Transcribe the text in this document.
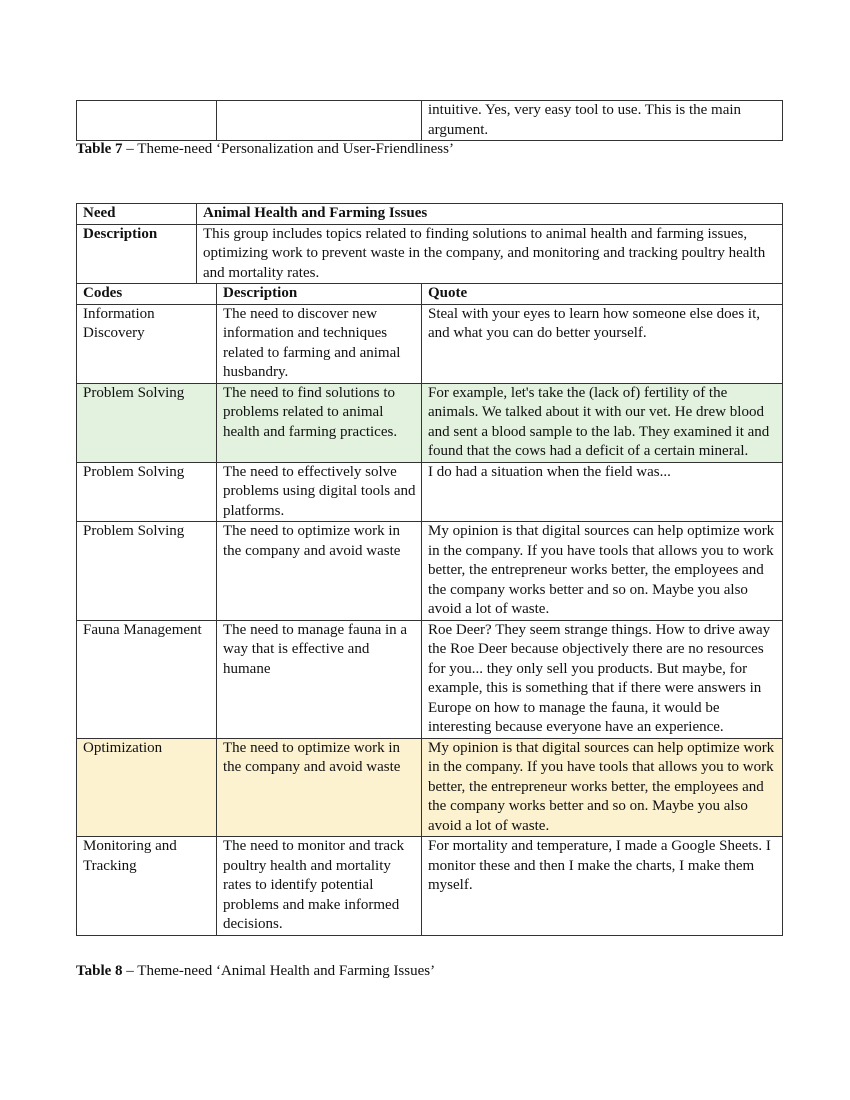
		intuitive. Yes, very easy tool to use. This is the main argument.
Table 7 – Theme-need ‘Personalization and User-Friendliness’
Need	Animal Health and Farming Issues		
Description	This group includes topics related to finding solutions to animal health and farming issues, optimizing work to prevent waste in the company, and monitoring and tracking poultry health and mortality rates.		
Codes		Description	Quote
Information Discovery		The need to discover new information and techniques related to farming and animal husbandry.	Steal with your eyes to learn how someone else does it, and what you can do better yourself.
Problem Solving		The need to find solutions to problems related to animal health and farming practices.	For example, let's take the (lack of) fertility of the animals. We talked about it with our vet. He drew blood and sent a blood sample to the lab. They examined it and found that the cows had a deficit of a certain mineral.
Problem Solving		The need to effectively solve problems using digital tools and platforms.	I do had a situation when the field was...
Problem Solving		The need to optimize work in the company and avoid waste	My opinion is that digital sources can help optimize work in the company. If you have tools that allows you to work better, the entrepreneur works better, the employees and the company works better and so on. Maybe you also avoid a lot of waste.
Fauna Management		The need to manage fauna in a way that is effective and humane	Roe Deer? They seem strange things. How to drive away the Roe Deer because objectively there are no resources for you... they only sell you products. But maybe, for example, this is something that if there were answers in Europe on how to manage the fauna, it would be interesting because everyone have an experience.
Optimization		The need to optimize work in the company and avoid waste	My opinion is that digital sources can help optimize work in the company. If you have tools that allows you to work better, the entrepreneur works better, the employees and the company works better and so on. Maybe you also avoid a lot of waste.
Monitoring and Tracking		The need to monitor and track poultry health and mortality rates to identify potential problems and make informed decisions.	For mortality and temperature, I made a Google Sheets. I monitor these and then I make the charts, I make them myself.
Table 8 – Theme-need ‘Animal Health and Farming Issues’
